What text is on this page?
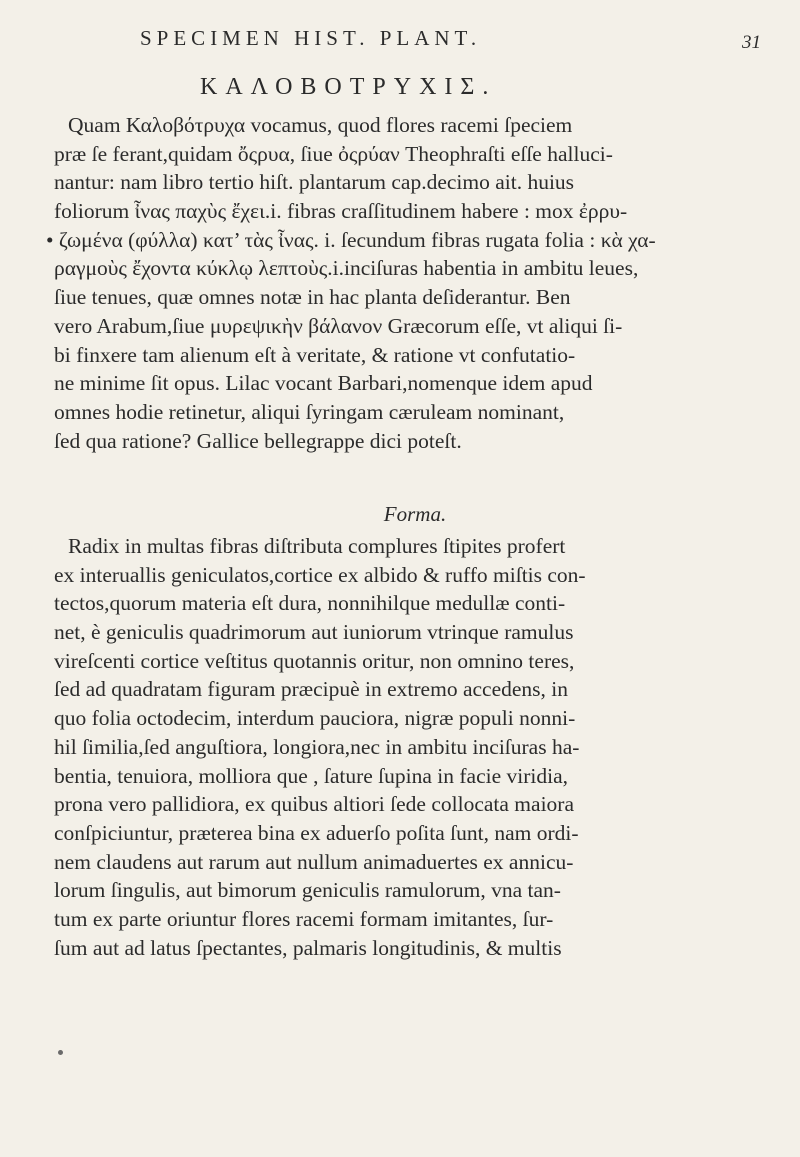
SPECIMEN HIST. PLANT.	31
ΚΑΛΟΒΟΤΡΥΧΙΣ.
Quam Καλοβότρυχα vocamus, quod flores racemi ſpeciem
præ ſe ferant,quidam ὄςρυα, ſiue ὀςρύαν Theophraſti eſſe halluci-
nantur: nam libro tertio hiſt. plantarum cap.decimo ait. huius
foliorum ἶνας παχὺς ἔχει.i. fibras craſſitudinem habere : mox ἐρρυ-
• ζωμένα (φύλλα) κατ’ τὰς ἶνας. i. ſecundum fibras rugata folia : κὰ χα-
ραγμοὺς ἔχοντα κύκλῳ λεπτοὺς.i.inciſuras habentia in ambitu leues,
ſiue tenues, quæ omnes notæ in hac planta deſiderantur. Ben
vero Arabum,ſiue μυρεψικὴν βάλανον Græcorum eſſe, vt aliqui ſi-
bi finxere tam alienum eſt à veritate, & ratione vt confutatio-
ne minime ſit opus. Lilac vocant Barbari,nomenque idem apud
omnes hodie retinetur, aliqui ſyringam cæruleam nominant,
ſed qua ratione? Gallice bellegrappe dici poteſt.
Forma.
Radix in multas fibras diſtributa complures ſtipites profert
ex interuallis geniculatos,cortice ex albido & ruffo miſtis con-
tectos,quorum materia eſt dura, nonnihilque medullæ conti-
net, è geniculis quadrimorum aut iuniorum vtrinque ramulus
vireſcenti cortice veſtitus quotannis oritur, non omnino teres,
ſed ad quadratam figuram præcipuè in extremo accedens, in
quo folia octodecim, interdum pauciora, nigræ populi nonni-
hil ſimilia,ſed anguſtiora, longiora,nec in ambitu inciſuras ha-
bentia, tenuiora, molliora que , ſature ſupina in facie viridia,
prona vero pallidiora, ex quibus altiori ſede collocata maiora
conſpiciuntur, præterea bina ex aduerſo poſita ſunt, nam ordi-
nem claudens aut rarum aut nullum animaduertes ex annicu-
lorum ſingulis, aut bimorum geniculis ramulorum, vna tan-
tum ex parte oriuntur flores racemi formam imitantes, ſur-
ſum aut ad latus ſpectantes, palmaris longitudinis, & multis
